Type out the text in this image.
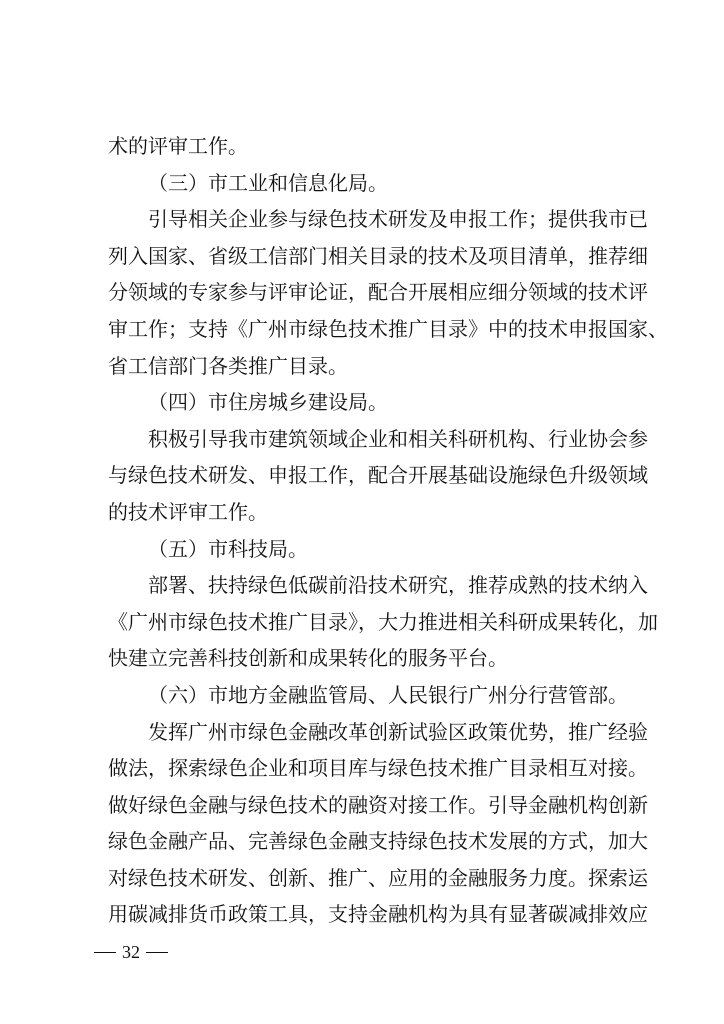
术的评审工作。
（三）市工业和信息化局。
引导相关企业参与绿色技术研发及申报工作；提供我市已
列入国家、省级工信部门相关目录的技术及项目清单，推荐细
分领域的专家参与评审论证，配合开展相应细分领域的技术评
审工作；支持《广州市绿色技术推广目录》中的技术申报国家、
省工信部门各类推广目录。
（四）市住房城乡建设局。
积极引导我市建筑领域企业和相关科研机构、行业协会参
与绿色技术研发、申报工作，配合开展基础设施绿色升级领域
的技术评审工作。
（五）市科技局。
部署、扶持绿色低碳前沿技术研究，推荐成熟的技术纳入
《广州市绿色技术推广目录》，大力推进相关科研成果转化，加
快建立完善科技创新和成果转化的服务平台。
（六）市地方金融监管局、人民银行广州分行营管部。
发挥广州市绿色金融改革创新试验区政策优势，推广经验
做法，探索绿色企业和项目库与绿色技术推广目录相互对接。
做好绿色金融与绿色技术的融资对接工作。引导金融机构创新
绿色金融产品、完善绿色金融支持绿色技术发展的方式，加大
对绿色技术研发、创新、推广、应用的金融服务力度。探索运
用碳减排货币政策工具，支持金融机构为具有显著碳减排效应
32
